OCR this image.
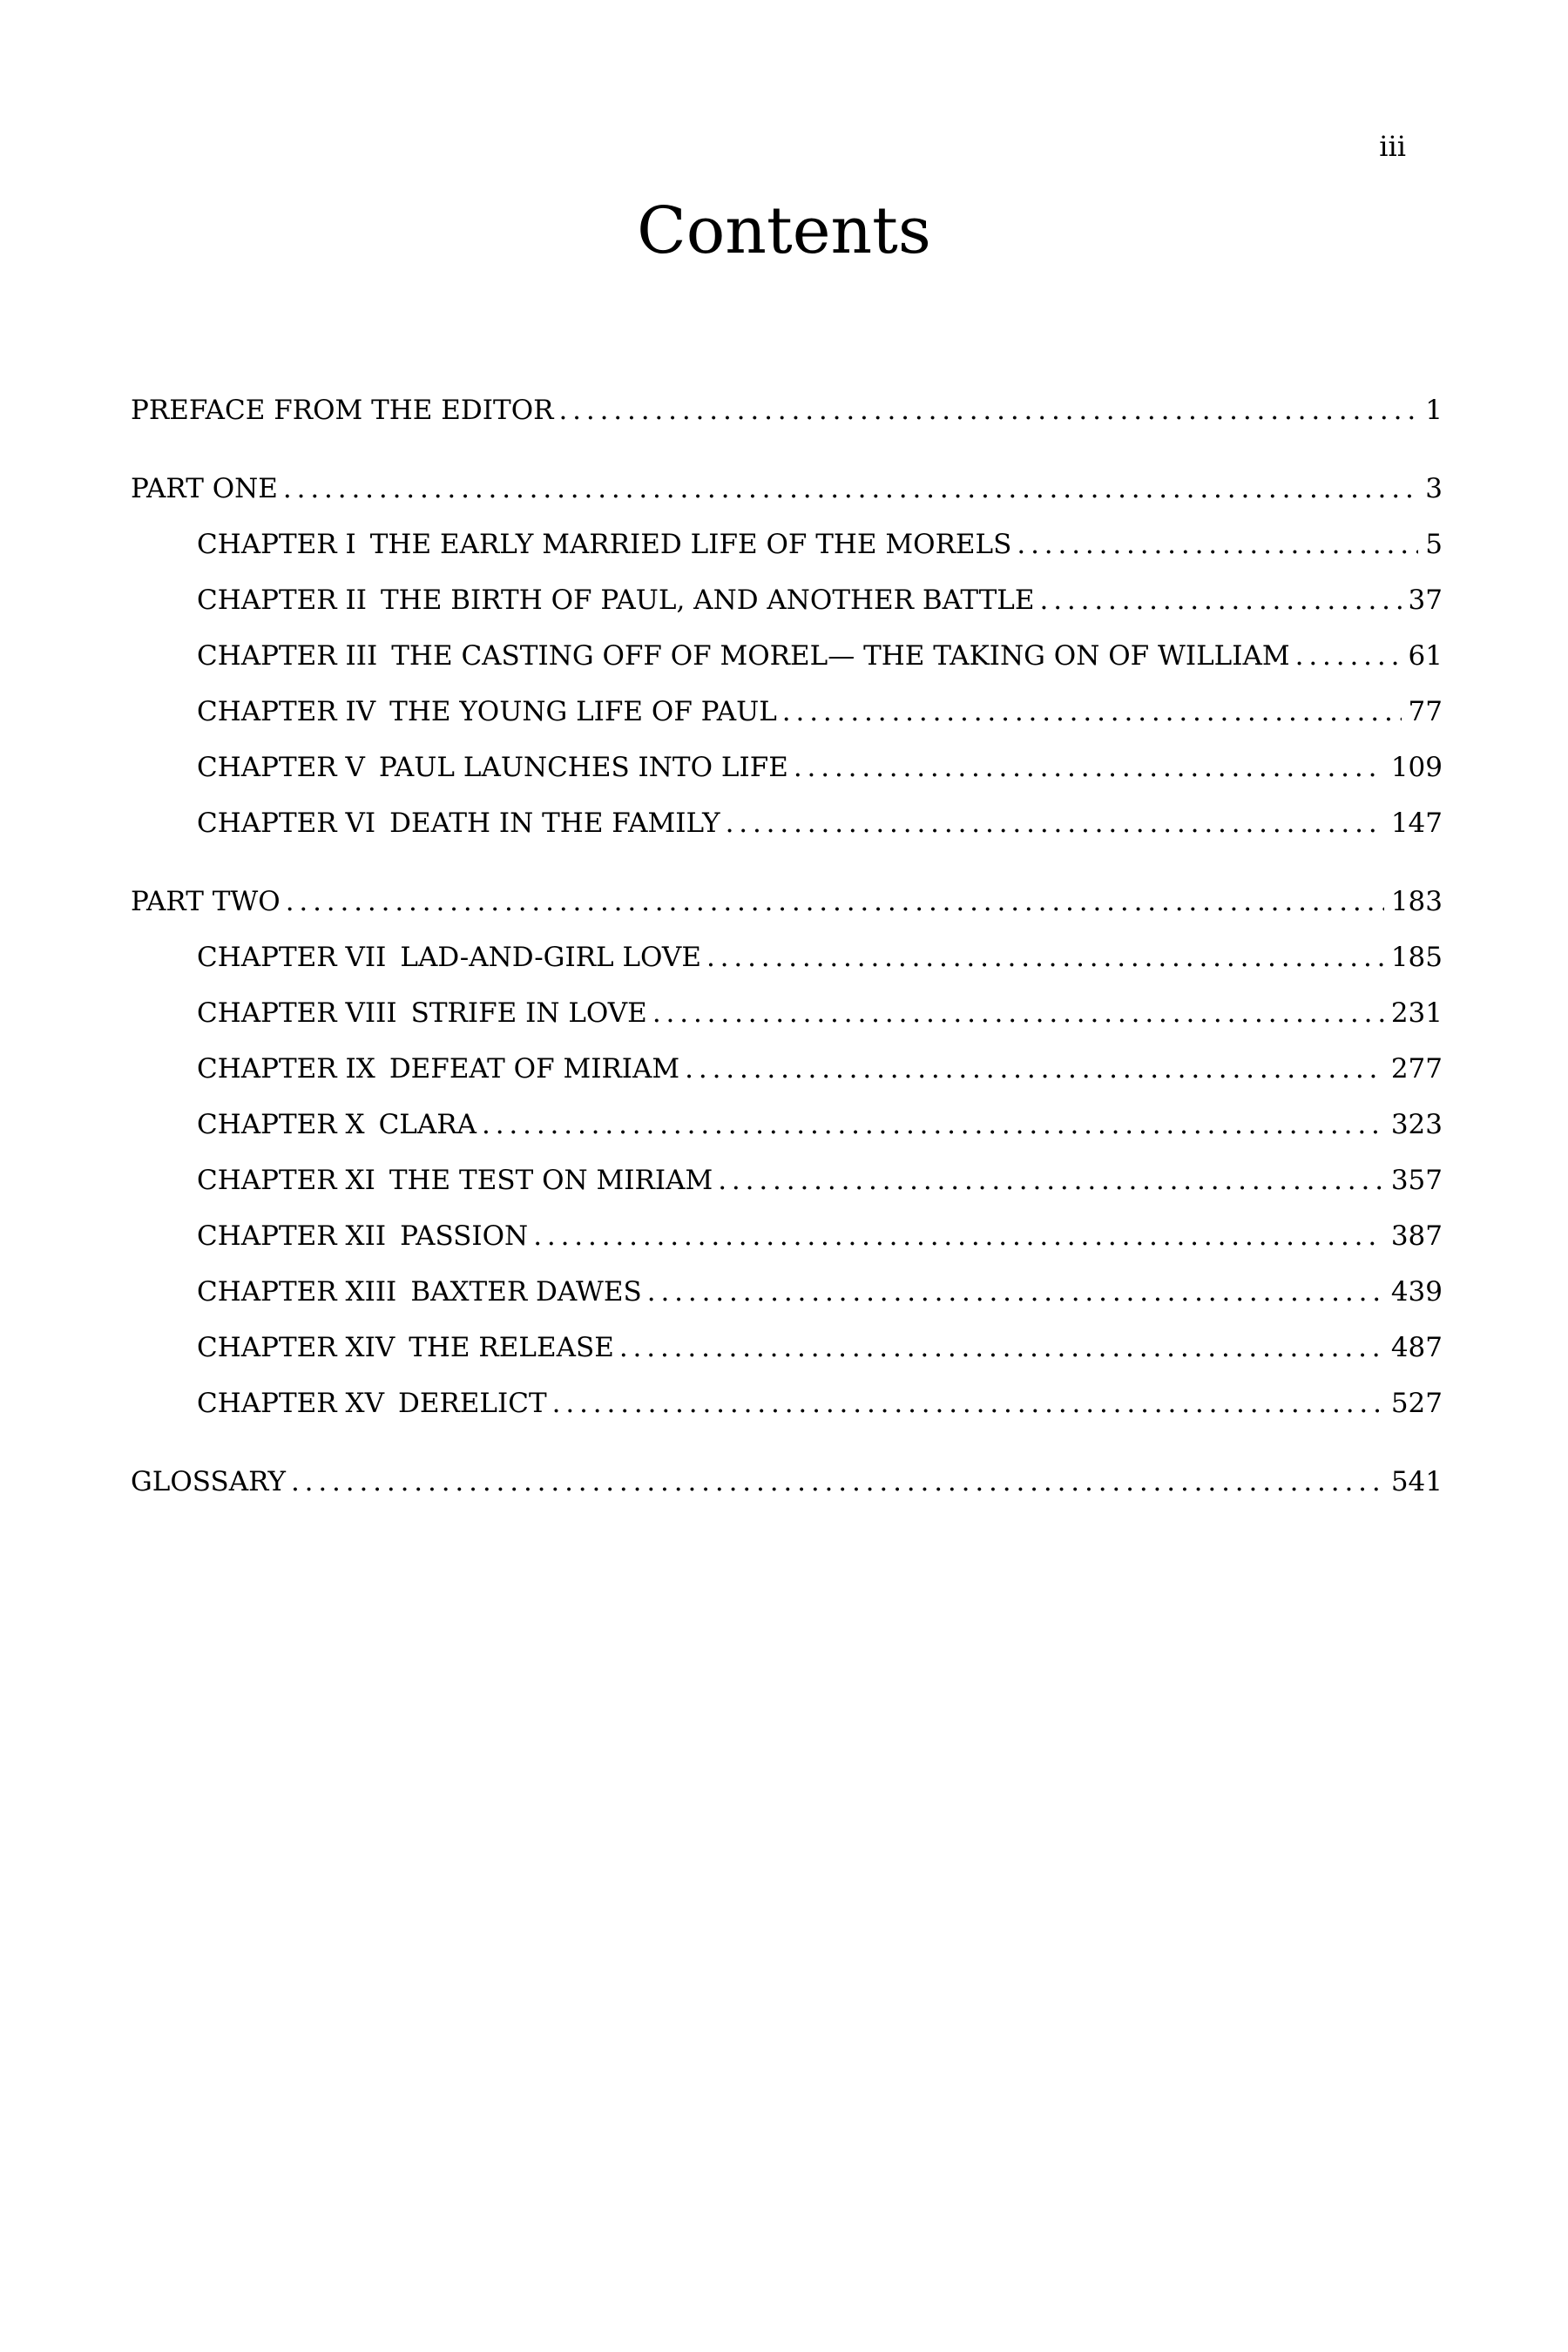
iii
Contents
PREFACE FROM THE EDITOR . . .	1
PART ONE . . .	3
CHAPTER I THE EARLY MARRIED LIFE OF THE MORELS . . .	5
CHAPTER II THE BIRTH OF PAUL, AND ANOTHER BATTLE . . .	37
CHAPTER III THE CASTING OFF OF MOREL— THE TAKING ON OF WILLIAM . . .	61
CHAPTER IV THE YOUNG LIFE OF PAUL . . .	77
CHAPTER V PAUL LAUNCHES INTO LIFE . . .	109
CHAPTER VI DEATH IN THE FAMILY . . .	147
PART TWO . . .	183
CHAPTER VII LAD-AND-GIRL LOVE . . .	185
CHAPTER VIII STRIFE IN LOVE . . .	231
CHAPTER IX DEFEAT OF MIRIAM . . .	277
CHAPTER X CLARA . . .	323
CHAPTER XI THE TEST ON MIRIAM . . .	357
CHAPTER XII PASSION . . .	387
CHAPTER XIII BAXTER DAWES . . .	439
CHAPTER XIV THE RELEASE . . .	487
CHAPTER XV DERELICT . . .	527
GLOSSARY . . .	541
